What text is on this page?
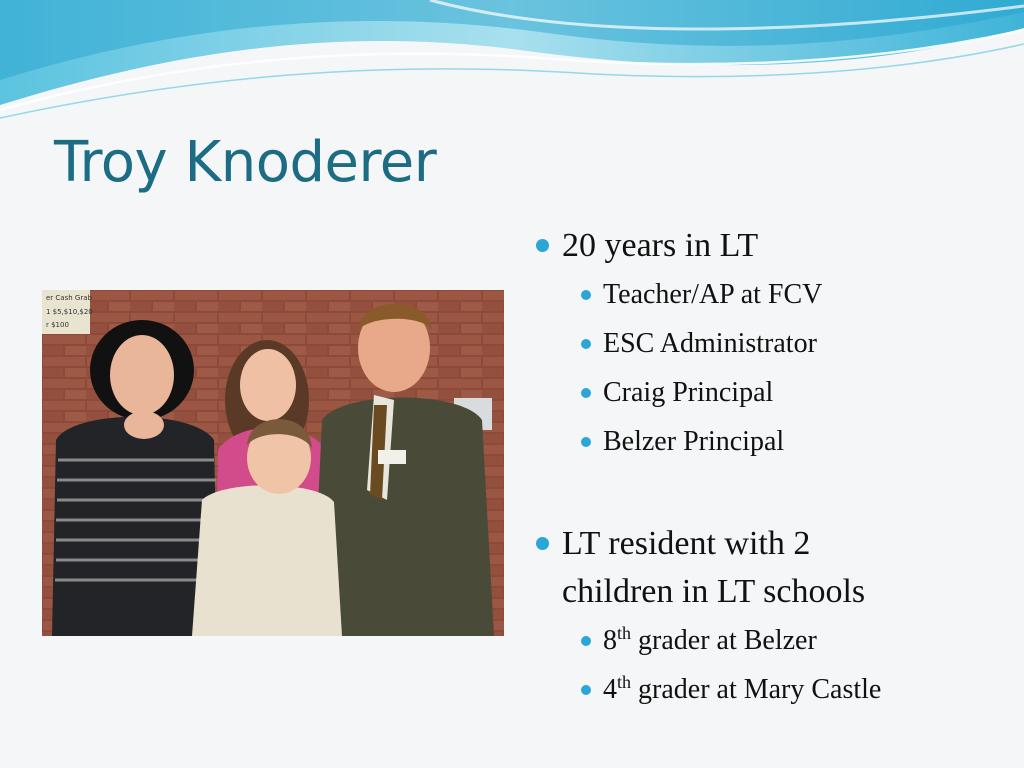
Troy Knoderer
er Cash Grab
1 $5,$10,$20
r $100
20 years in LT
Teacher/AP at FCV
ESC Administrator
Craig Principal
Belzer Principal
LT resident with 2
children in LT schools
8th grader at Belzer
4th grader at Mary Castle
